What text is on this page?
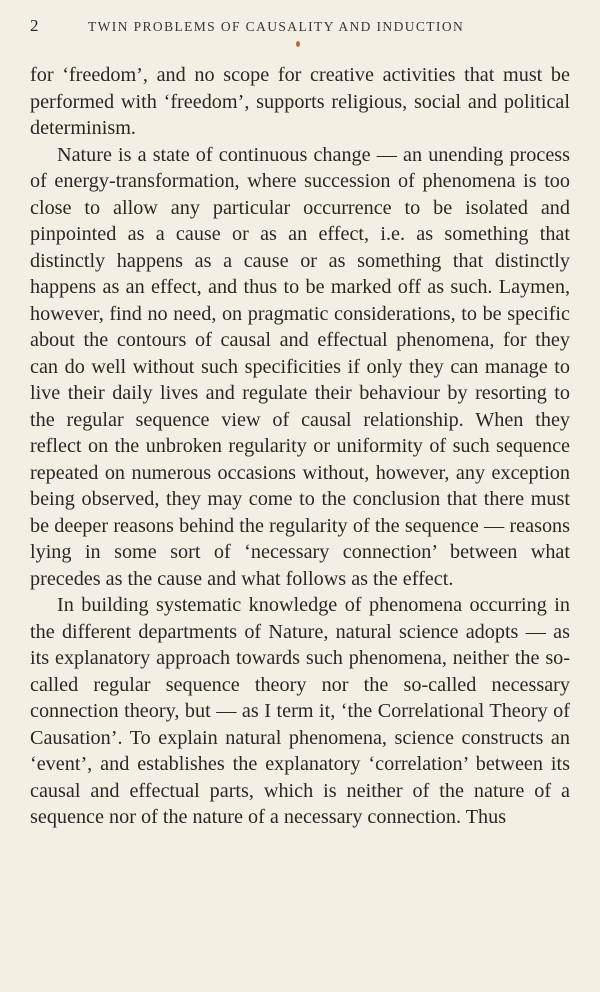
2	TWIN PROBLEMS OF CAUSALITY AND INDUCTION

for ‘freedom’, and no scope for creative activities that must be performed with ‘freedom’, supports religious, social and political determinism.

Nature is a state of continuous change — an unending process of energy-transformation, where succession of phenomena is too close to allow any particular occurrence to be isolated and pinpointed as a cause or as an effect, i.e. as something that distinctly happens as a cause or as something that distinctly happens as an effect, and thus to be marked off as such. Laymen, however, find no need, on pragmatic considerations, to be specific about the contours of causal and effectual phenomena, for they can do well without such specificities if only they can manage to live their daily lives and regulate their behaviour by resorting to the regular sequence view of causal relationship. When they reflect on the unbroken regularity or uniformity of such sequence repeated on numerous occasions without, however, any exception being observed, they may come to the conclusion that there must be deeper reasons behind the regularity of the sequence — reasons lying in some sort of ‘necessary connection’ between what precedes as the cause and what follows as the effect.

In building systematic knowledge of phenomena occurring in the different departments of Nature, natural science adopts — as its explanatory approach towards such phenomena, neither the so-called regular sequence theory nor the so-called necessary connection theory, but — as I term it, ‘the Correlational Theory of Causation’. To explain natural phenomena, science constructs an ‘event’, and establishes the explanatory ‘correlation’ between its causal and effectual parts, which is neither of the nature of a sequence nor of the nature of a necessary connection. Thus
